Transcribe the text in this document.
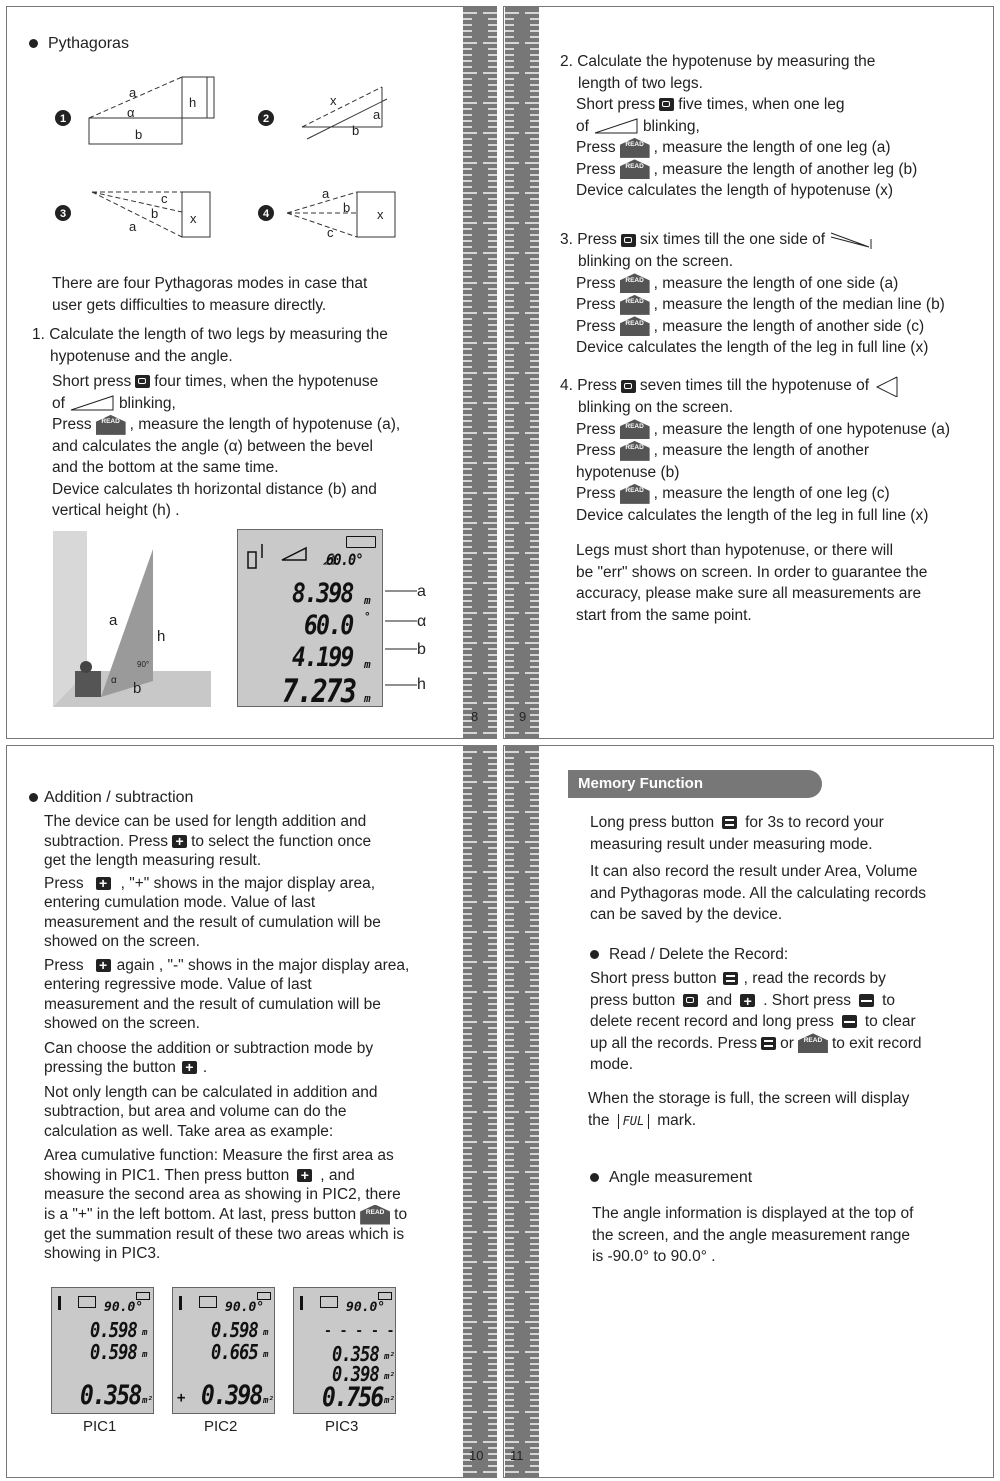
8
Pythagoras
1
a
α
b
h
2
x
b
a
3
c
b
a
x	4
a
b
c
x

There are four Pythagoras modes in case that

user gets difficulties to measure directly.

1. Calculate the length of two legs by measuring the

hypotenuse and the angle.

Short press four times, when the hypotenuse

of	blinking,

Press READ , measure the length of hypotenuse (a),

and calculates the angle (α) between the bevel

and the bottom at the same time.

Device calculates th horizontal distance (b) and

vertical height (h) .

a
h
b
α
90°
60.0°
8.398
60.0
4.199
7.273
m
°
m
m
a
α
b
h
9

2. Calculate the hypotenuse by measuring the

length of two legs.

Short press five times, when one leg

of	blinking,

Press READ , measure the length of one leg (a)

Press READ , measure the length of another leg (b)

Device calculates the length of hypotenuse (x)

3. Press six times till the one side of

blinking on the screen.

Press READ , measure the length of one side (a)

Press READ , measure the length of the median line (b)

Press READ , measure the length of another side (c)

Device calculates the length of the leg in full line (x)

4. Press seven times till the hypotenuse of

blinking on the screen.

Press READ , measure the length of one hypotenuse (a)

Press READ , measure the length of another

hypotenuse (b)

Press READ , measure the length of one leg (c)

Device calculates the length of the leg in full line (x)

Legs must short than hypotenuse, or there will

be "err" shows on screen. In order to guarantee the

accuracy, please make sure all measurements are

start from the same point.

10
Addition / subtraction

The device can be used for length addition and

subtraction. Press + to select the function once

get the length measuring result.

Press + , "+" shows in the major display area,

entering cumulation mode. Value of last

measurement and the result of cumulation will be

showed on the screen.

Press + again , "-" shows in the major display area,

entering regressive mode. Value of last

measurement and the result of cumulation will be

showed on the screen.

Can choose the addition or subtraction mode by

pressing the button + .

Not only length can be calculated in addition and

subtraction, but area and volume can do the

calculation as well. Take area as example:

Area cumulative function: Measure the first area as

showing in PIC1. Then press button + , and

measure the second area as showing in PIC2, there

is a "+" in the left bottom. At last, press button READ to

get the summation result of these two areas which is

showing in PIC3.

90.0°
0.598
0.598
0.358
m
m
m²
PIC1
90.0°
0.598
0.665
+ 0.398
m
m
m²
PIC2
90.0°
- - - - -
0.358
0.398
0.756
m²
m²
m²
PIC3
11
Memory Function

Long press button for 3s to record your

measuring result under measuring mode.

It can also record the result under Area, Volume

and Pythagoras mode. All the calculating records

can be saved by the device.

Read / Delete the Record:

Short press button , read the records by

press button and + . Short press to

delete recent record and long press to clear

up all the records. Press or READ to exit record

mode.

When the storage is full, the screen will display

the FUL mark.

Angle measurement

The angle information is displayed at the top of

the screen, and the angle measurement range

is -90.0° to 90.0° .
